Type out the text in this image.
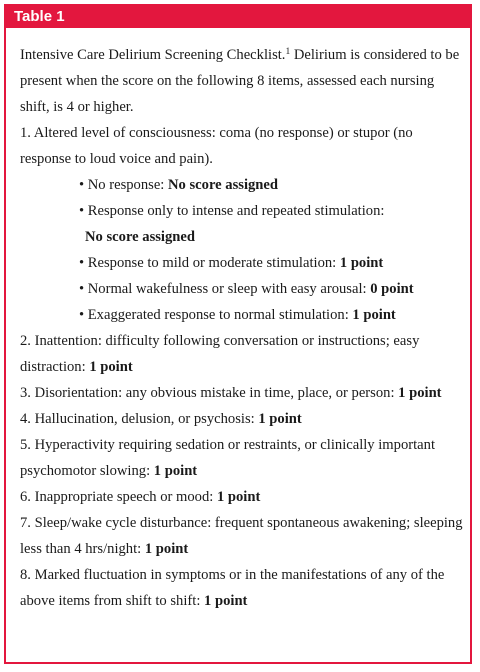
Table 1

Intensive Care Delirium Screening Checklist.$^1$ Delirium is considered to be present when the score on the following 8 items, assessed each nursing shift, is 4 or higher.

1. Altered level of consciousness: coma (no response) or stupor (no response to loud voice and pain).

• No response: No score assigned

• Response only to intense and repeated stimulation:

No score assigned

• Response to mild or moderate stimulation: 1 point

• Normal wakefulness or sleep with easy arousal: 0 point

• Exaggerated response to normal stimulation: 1 point

2. Inattention: difficulty following conversation or instructions; easy distraction: 1 point

3. Disorientation: any obvious mistake in time, place, or person: 1 point

4. Hallucination, delusion, or psychosis: 1 point

5. Hyperactivity requiring sedation or restraints, or clinically important psychomotor slowing: 1 point

6. Inappropriate speech or mood: 1 point

7. Sleep/wake cycle disturbance: frequent spontaneous awakening; sleeping less than 4 hrs/night: 1 point

8. Marked fluctuation in symptoms or in the manifestations of any of the above items from shift to shift: 1 point
